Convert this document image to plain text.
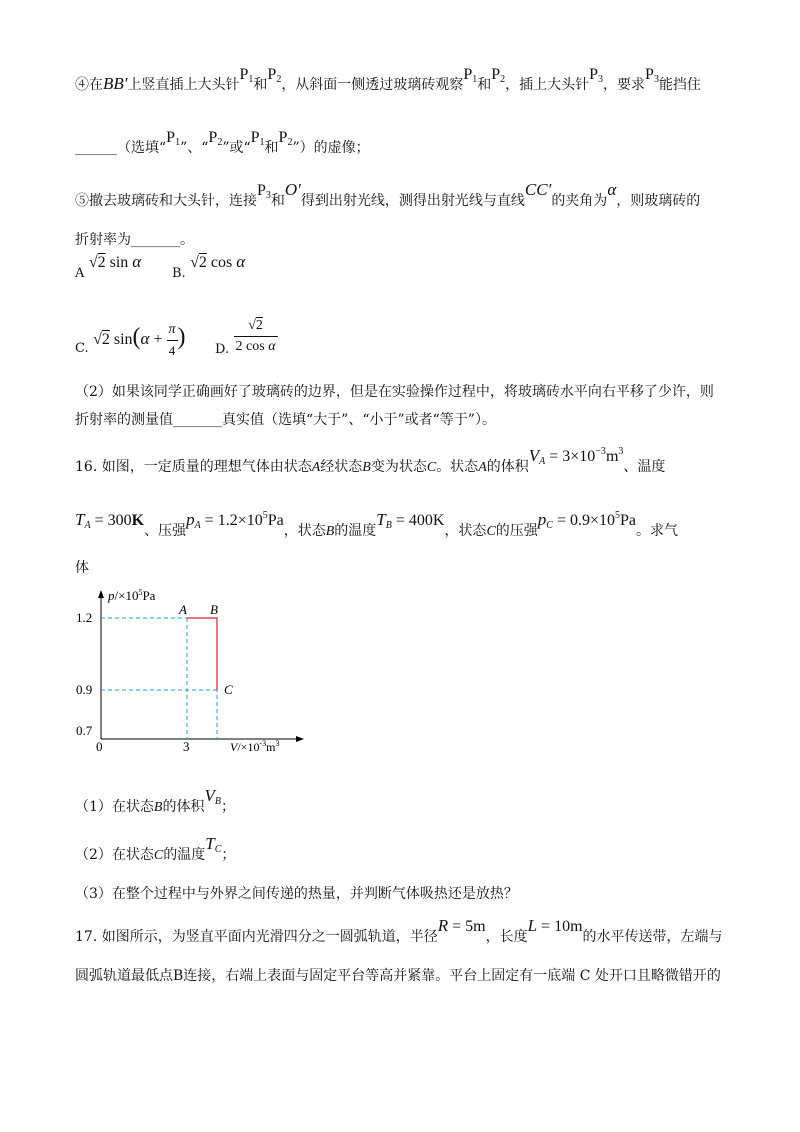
④在BB′上竖直插上大头针$P_1$和$P_2$，从斜面一侧透过玻璃砖观察$P_1$和$P_2$，插上大头针$P_3$，要求$P_3$能挡住
______（选填“$P_1$”、“$P_2$”或“$P_1$和$P_2$”）的虚像；
⑤撤去玻璃砖和大头针，连接$P_3$和O′得到出射光线，测得出射光线与直线CC′的夹角为α，则玻璃砖的
折射率为_______。
A √2 sin α
B. √2 cos α
C. √2 $\sin(\alpha + \frac{\pi}{4}$ ) D. $\frac{√2}{\text{2 cos α}}$
（2）如果该同学正确画好了玻璃砖的边界，但是在实验操作过程中，将玻璃砖水平向右平移了少许，则
折射率的测量值_______真实值（选填“大于”、“小于”或者“等于”）。
16. 如图，一定质量的理想气体由状态A经状态B变为状态C。状态A的体积$V_A = 3\times 10^{-3}m^3$、温度
$T_A = 300K$、压强$p_A = 1.2\times 10^5Pa$，状态B的温度$T_B = 400K$，状态C的压强$p_C = 0.9\times 10^5Pa$。求气
体
$p/\times 10^5Pa$
$V/\times 10^{-3}m^3$
1.2
0.9
0.7
0	3
A B
C
（1）在状态B的体积$V_B$；
（2）在状态C的温度$T_C$；
（3）在整个过程中与外界之间传递的热量，并判断气体吸热还是放热？
17. 如图所示，为竖直平面内光滑四分之一圆弧轨道，半径R = 5m，长度L = 10m的水平传送带，左端与
圆弧轨道最低点B连接，右端上表面与固定平台等高并紧靠。平台上固定有一底端 C 处开口且略微错开的
